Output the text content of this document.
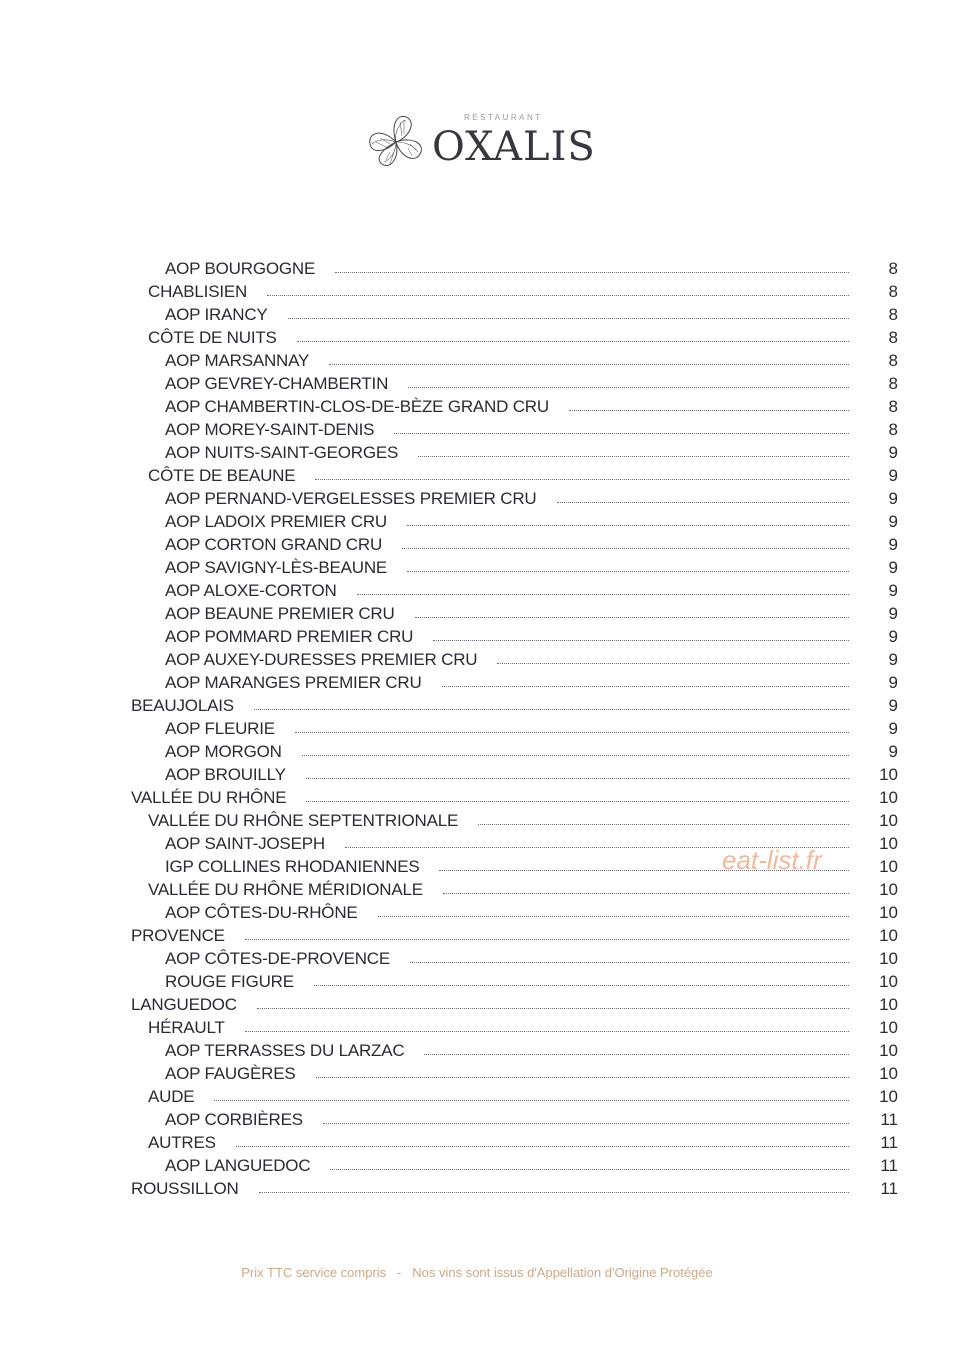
RESTAURANT
OXALIS
AOP BOURGOGNE	8
CHABLISIEN	8
AOP IRANCY	8
CÔTE DE NUITS	8
AOP MARSANNAY	8
AOP GEVREY-CHAMBERTIN	8
AOP CHAMBERTIN-CLOS-DE-BÈZE GRAND CRU	8
AOP MOREY-SAINT-DENIS	8
AOP NUITS-SAINT-GEORGES	9
CÔTE DE BEAUNE	9
AOP PERNAND-VERGELESSES PREMIER CRU	9
AOP LADOIX PREMIER CRU	9
AOP CORTON GRAND CRU	9
AOP SAVIGNY-LÈS-BEAUNE	9
AOP ALOXE-CORTON	9
AOP BEAUNE PREMIER CRU	9
AOP POMMARD PREMIER CRU	9
AOP AUXEY-DURESSES PREMIER CRU	9
AOP MARANGES PREMIER CRU	9
BEAUJOLAIS	9
AOP FLEURIE	9
AOP MORGON	9
AOP BROUILLY	10
VALLÉE DU RHÔNE	10
VALLÉE DU RHÔNE SEPTENTRIONALE	10
AOP SAINT-JOSEPH	10
IGP COLLINES RHODANIENNES	10
VALLÉE DU RHÔNE MÉRIDIONALE	10
AOP CÔTES-DU-RHÔNE	10
PROVENCE	10
AOP CÔTES-DE-PROVENCE	10
ROUGE FIGURE	10
LANGUEDOC	10
HÉRAULT	10
AOP TERRASSES DU LARZAC	10
AOP FAUGÈRES	10
AUDE	10
AOP CORBIÈRES	11
AUTRES	11
AOP LANGUEDOC	11
ROUSSILLON	11
eat-list.fr
Prix TTC service compris - Nos vins sont issus d'Appellation d'Origine Protégée
